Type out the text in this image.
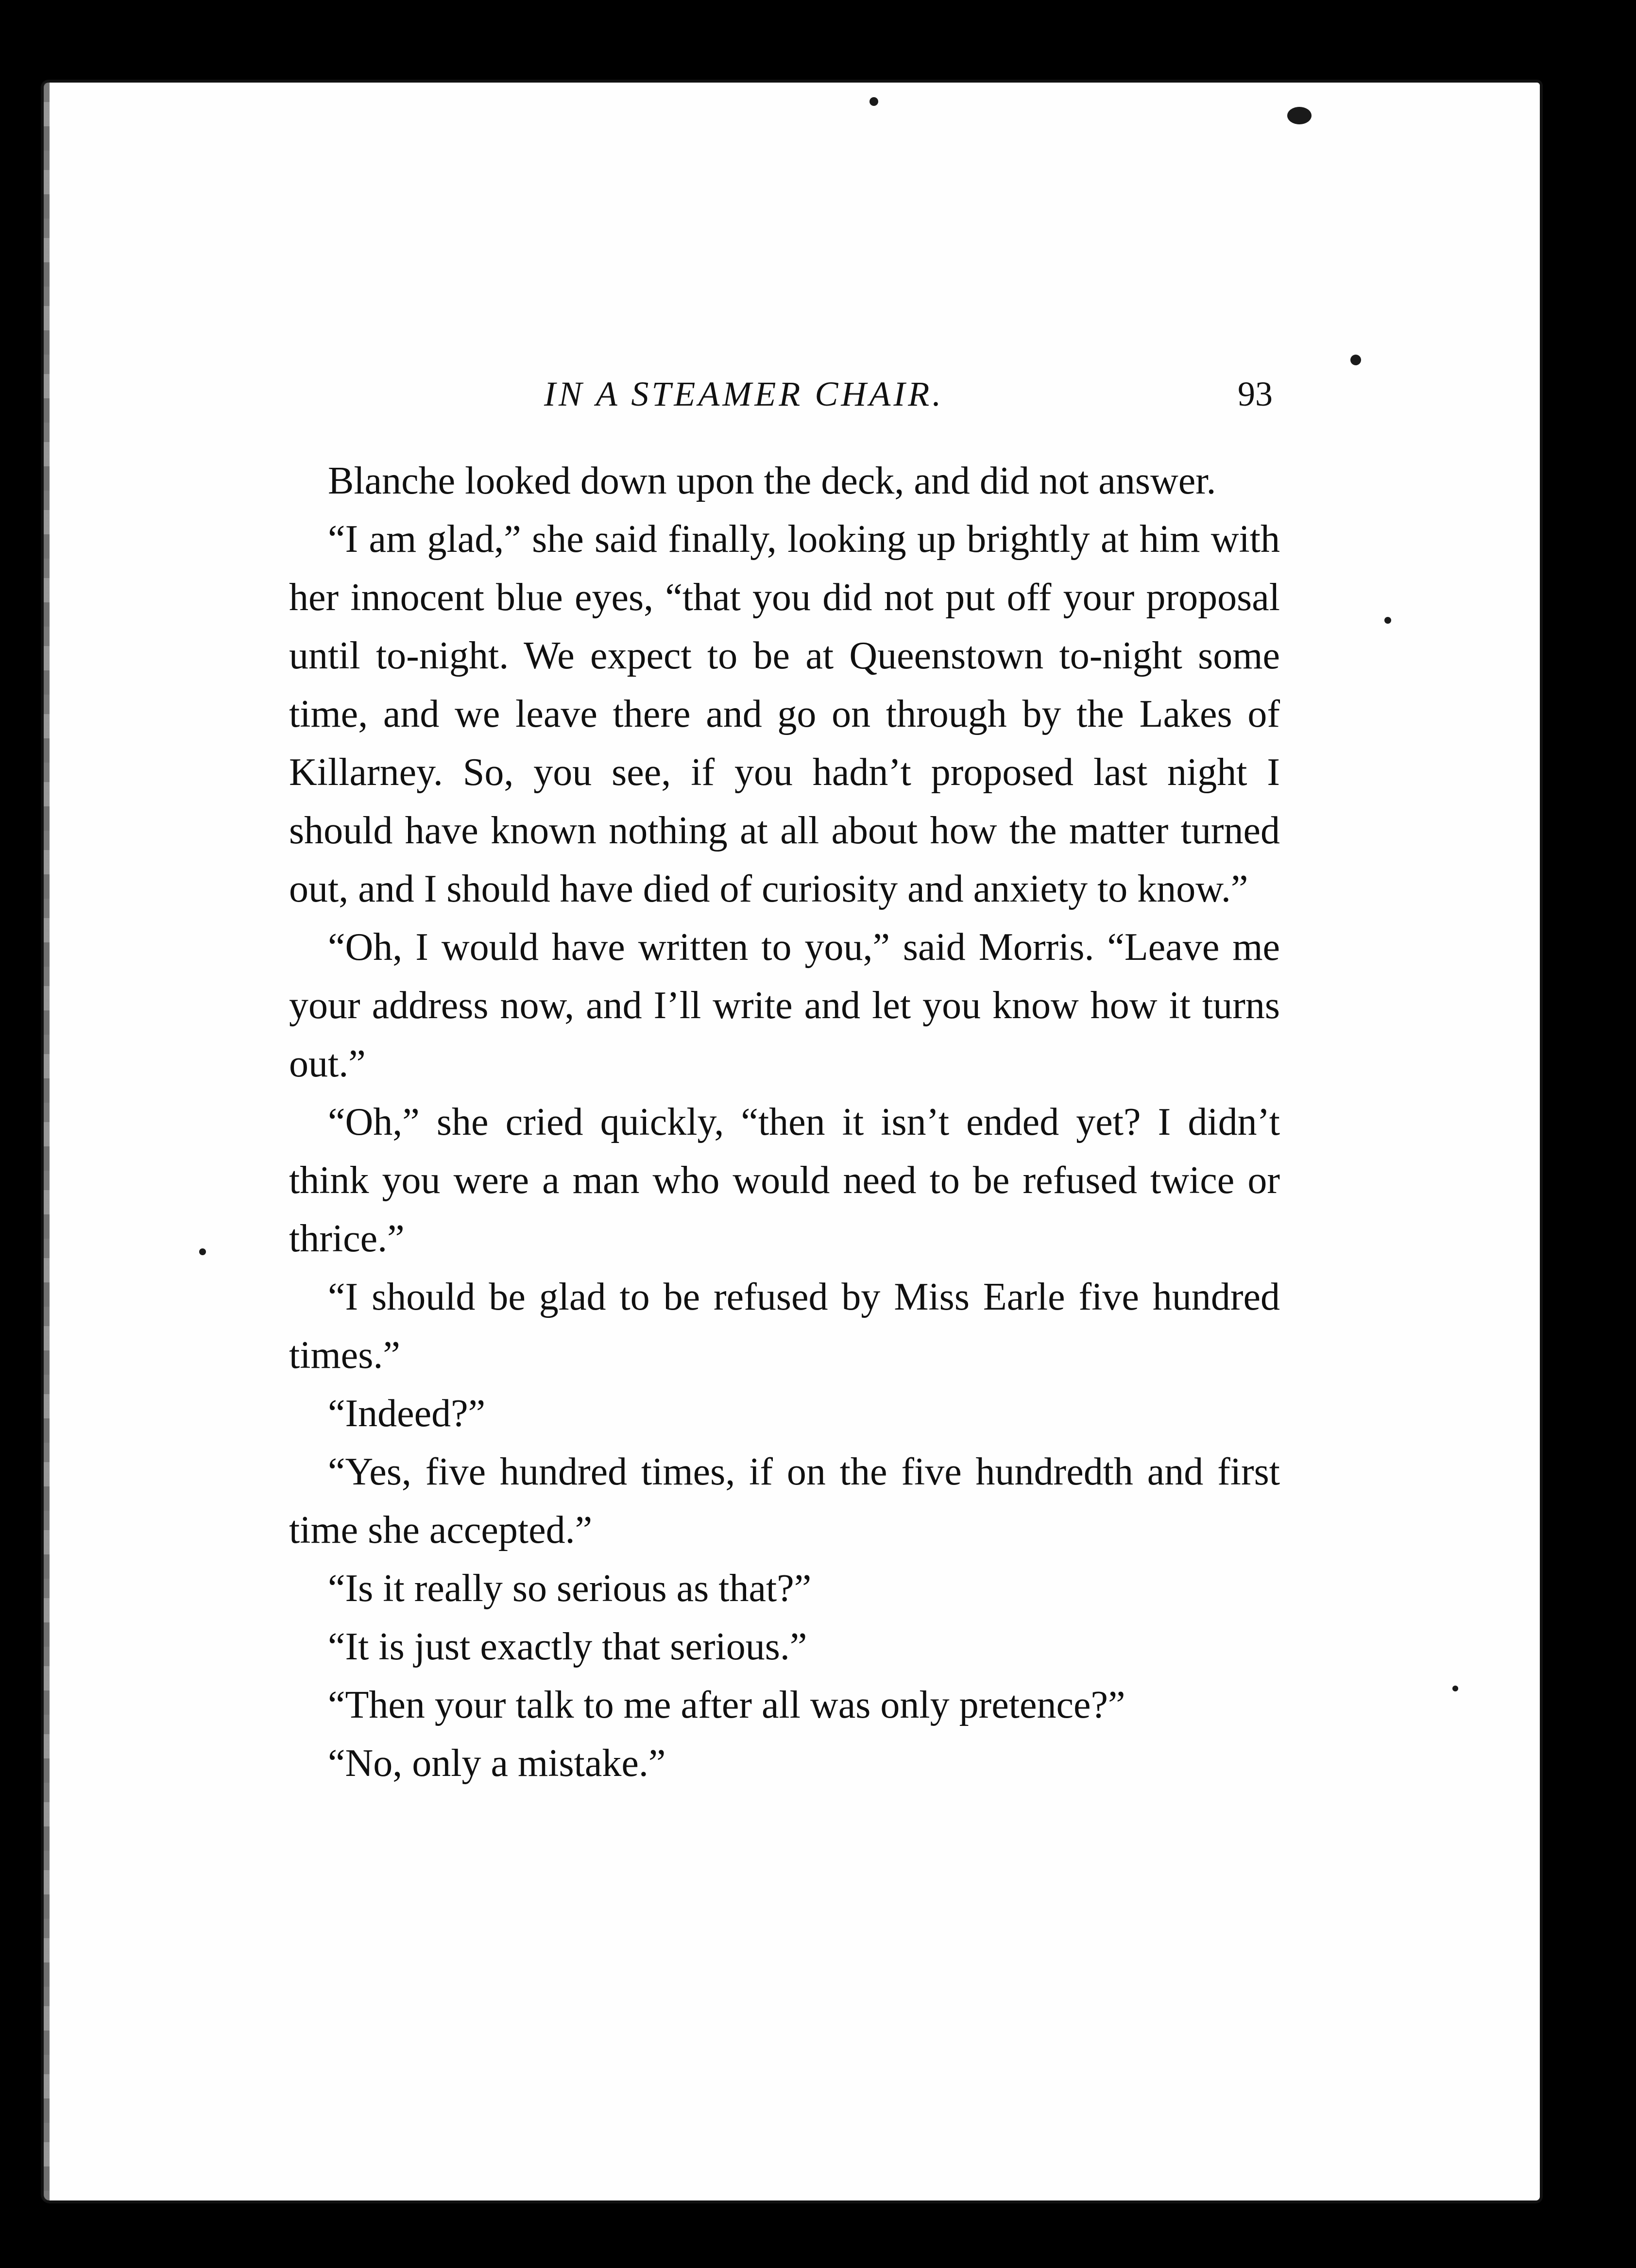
IN A STEAMER CHAIR.	93

Blanche looked down upon the deck, and did not answer.

“I am glad,” she said finally, looking up brightly at him with her innocent blue eyes, “that you did not put off your proposal until to-night. We expect to be at Queenstown to-night some time, and we leave there and go on through by the Lakes of Killarney. So, you see, if you hadn’t proposed last night I should have known nothing at all about how the matter turned out, and I should have died of curiosity and anxiety to know.”

“Oh, I would have written to you,” said Morris. “Leave me your address now, and I’ll write and let you know how it turns out.”

“Oh,” she cried quickly, “then it isn’t ended yet? I didn’t think you were a man who would need to be refused twice or thrice.”

“I should be glad to be refused by Miss Earle five hundred times.”

“Indeed?”

“Yes, five hundred times, if on the five hundredth and first time she accepted.”

“Is it really so serious as that?”

“It is just exactly that serious.”

“Then your talk to me after all was only pretence?”

“No, only a mistake.”
